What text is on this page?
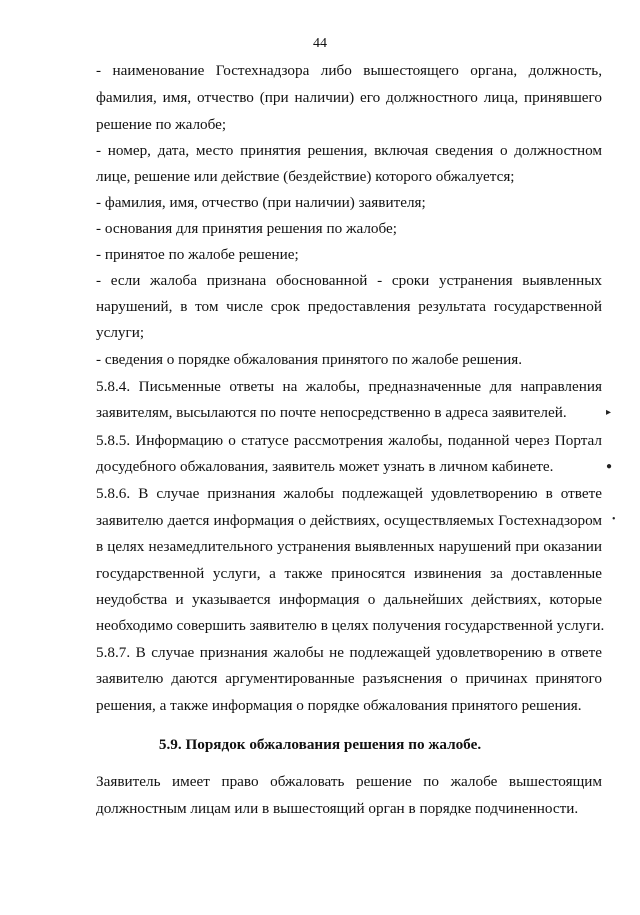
44
- наименование Гостехнадзора либо вышестоящего органа, должность,
фамилия, имя, отчество (при наличии) его должностного лица, принявшего
решение по жалобе;
- номер, дата, место принятия решения, включая сведения о должностном
лице, решение или действие (бездействие) которого обжалуется;
- фамилия, имя, отчество (при наличии) заявителя;
- основания для принятия решения по жалобе;
- принятое по жалобе решение;
- если жалоба признана обоснованной - сроки устранения выявленных
нарушений, в том числе срок предоставления результата государственной
услуги;
- сведения о порядке обжалования принятого по жалобе решения.
5.8.4. Письменные ответы на жалобы, предназначенные для направления
заявителям, высылаются по почте непосредственно в адреса заявителей.
5.8.5. Информацию о статусе рассмотрения жалобы, поданной через Портал
досудебного обжалования, заявитель может узнать в личном кабинете.
5.8.6. В случае признания жалобы подлежащей удовлетворению в ответе
заявителю дается информация о действиях, осуществляемых Гостехнадзором
в целях незамедлительного устранения выявленных нарушений при оказании
государственной услуги, а также приносятся извинения за доставленные
неудобства и указывается информация о дальнейших действиях, которые
необходимо совершить заявителю в целях получения государственной услуги.
5.8.7. В случае признания жалобы не подлежащей удовлетворению в ответе
заявителю даются аргументированные разъяснения о причинах принятого
решения, а также информация о порядке обжалования принятого решения.
5.9. Порядок обжалования решения по жалобе.
Заявитель имеет право обжаловать решение по жалобе вышестоящим
должностным лицам или в вышестоящий орган в порядке подчиненности.
▸
●
•
